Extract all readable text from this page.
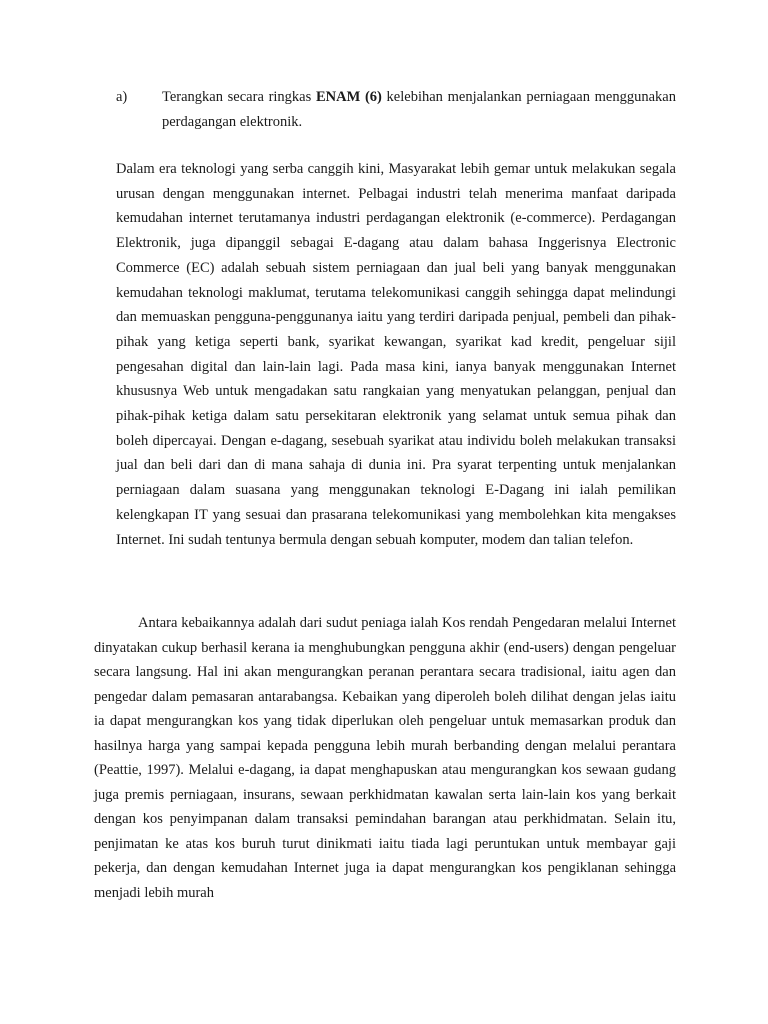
a) Terangkan secara ringkas ENAM (6) kelebihan menjalankan perniagaan menggunakan perdagangan elektronik.

Dalam era teknologi yang serba canggih kini, Masyarakat lebih gemar untuk melakukan segala urusan dengan menggunakan internet. Pelbagai industri telah menerima manfaat daripada kemudahan internet terutamanya industri perdagangan elektronik (e-commerce). Perdagangan Elektronik, juga dipanggil sebagai E-dagang atau dalam bahasa Inggerisnya Electronic Commerce (EC) adalah sebuah sistem perniagaan dan jual beli yang banyak menggunakan kemudahan teknologi maklumat, terutama telekomunikasi canggih sehingga dapat melindungi dan memuaskan pengguna-penggunanya iaitu yang terdiri daripada penjual, pembeli dan pihak-pihak yang ketiga seperti bank, syarikat kewangan, syarikat kad kredit, pengeluar sijil pengesahan digital dan lain-lain lagi. Pada masa kini, ianya banyak menggunakan Internet khususnya Web untuk mengadakan satu rangkaian yang menyatukan pelanggan, penjual dan pihak-pihak ketiga dalam satu persekitaran elektronik yang selamat untuk semua pihak dan boleh dipercayai. Dengan e-dagang, sesebuah syarikat atau individu boleh melakukan transaksi jual dan beli dari dan di mana sahaja di dunia ini. Pra syarat terpenting untuk menjalankan perniagaan dalam suasana yang menggunakan teknologi E-Dagang ini ialah pemilikan kelengkapan IT yang sesuai dan prasarana telekomunikasi yang membolehkan kita mengakses Internet. Ini sudah tentunya bermula dengan sebuah komputer, modem dan talian telefon.

Antara kebaikannya adalah dari sudut peniaga ialah Kos rendah Pengedaran melalui Internet dinyatakan cukup berhasil kerana ia menghubungkan pengguna akhir (end-users) dengan pengeluar secara langsung. Hal ini akan mengurangkan peranan perantara secara tradisional, iaitu agen dan pengedar dalam pemasaran antarabangsa. Kebaikan yang diperoleh boleh dilihat dengan jelas iaitu ia dapat mengurangkan kos yang tidak diperlukan oleh pengeluar untuk memasarkan produk dan hasilnya harga yang sampai kepada pengguna lebih murah berbanding dengan melalui perantara (Peattie, 1997). Melalui e-dagang, ia dapat menghapuskan atau mengurangkan kos sewaan gudang juga premis perniagaan, insurans, sewaan perkhidmatan kawalan serta lain-lain kos yang berkait dengan kos penyimpanan dalam transaksi pemindahan barangan atau perkhidmatan. Selain itu, penjimatan ke atas kos buruh turut dinikmati iaitu tiada lagi peruntukan untuk membayar gaji pekerja, dan dengan kemudahan Internet juga ia dapat mengurangkan kos pengiklanan sehingga menjadi lebih murah
